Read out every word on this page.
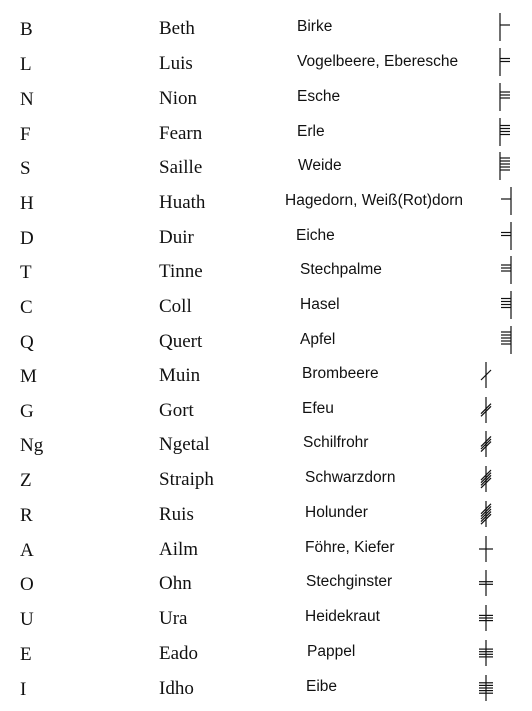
B	Beth	Birke
L	Luis	Vogelbeere, Eberesche
N	Nion	Esche
F	Fearn	Erle
S	Saille	Weide
H	Huath	Hagedorn, Weiß(Rot)dorn
D	Duir	Eiche
T	Tinne	Stechpalme
C	Coll	Hasel
Q	Quert	Apfel
M	Muin	Brombeere
G	Gort	Efeu
Ng	Ngetal	Schilfrohr
Z	Straiph	Schwarzdorn
R	Ruis	Holunder
A	Ailm	Föhre, Kiefer
O	Ohn	Stechginster
U	Ura	Heidekraut
E	Eado	Pappel
I	Idho	Eibe
